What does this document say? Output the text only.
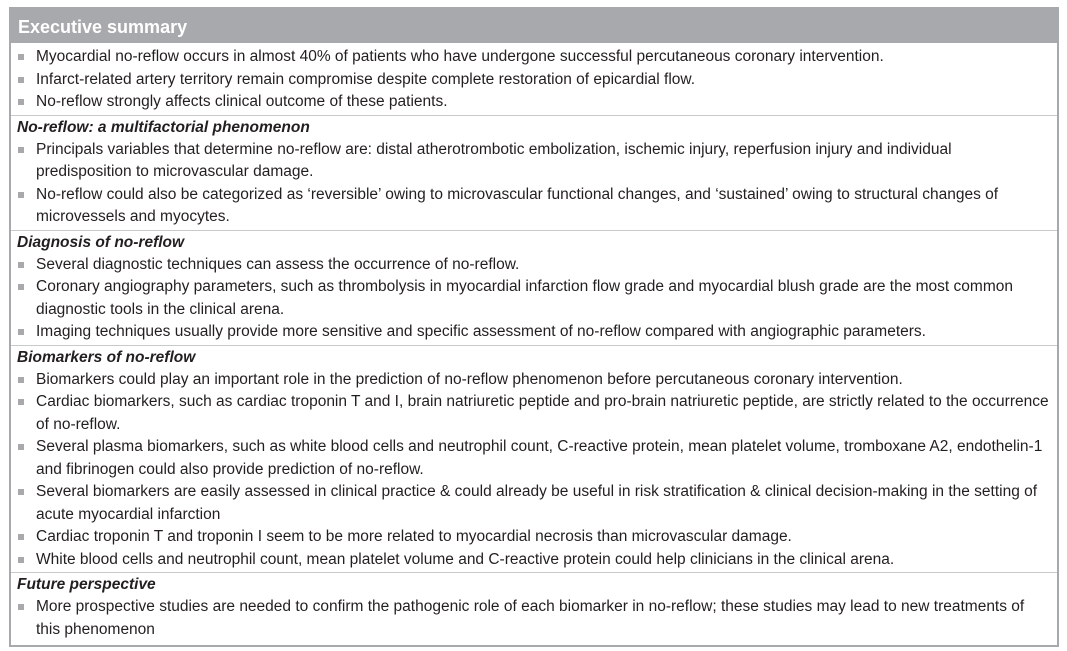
Executive summary
Myocardial no-reflow occurs in almost 40% of patients who have undergone successful percutaneous coronary intervention.
Infarct-related artery territory remain compromise despite complete restoration of epicardial flow.
No-reflow strongly affects clinical outcome of these patients.
No-reflow: a multifactorial phenomenon
Principals variables that determine no-reflow are: distal atherotrombotic embolization, ischemic injury, reperfusion injury and individual predisposition to microvascular damage.
No-reflow could also be categorized as ‘reversible’ owing to microvascular functional changes, and ‘sustained’ owing to structural changes of microvessels and myocytes.
Diagnosis of no-reflow
Several diagnostic techniques can assess the occurrence of no-reflow.
Coronary angiography parameters, such as thrombolysis in myocardial infarction flow grade and myocardial blush grade are the most common diagnostic tools in the clinical arena.
Imaging techniques usually provide more sensitive and specific assessment of no-reflow compared with angiographic parameters.
Biomarkers of no-reflow
Biomarkers could play an important role in the prediction of no-reflow phenomenon before percutaneous coronary intervention.
Cardiac biomarkers, such as cardiac troponin T and I, brain natriuretic peptide and pro-brain natriuretic peptide, are strictly related to the occurrence of no-reflow.
Several plasma biomarkers, such as white blood cells and neutrophil count, C-reactive protein, mean platelet volume, tromboxane A2, endothelin-1 and fibrinogen could also provide prediction of no-reflow.
Several biomarkers are easily assessed in clinical practice & could already be useful in risk stratification & clinical decision-making in the setting of acute myocardial infarction
Cardiac troponin T and troponin I seem to be more related to myocardial necrosis than microvascular damage.
White blood cells and neutrophil count, mean platelet volume and C-reactive protein could help clinicians in the clinical arena.
Future perspective
More prospective studies are needed to confirm the pathogenic role of each biomarker in no-reflow; these studies may lead to new treatments of this phenomenon
